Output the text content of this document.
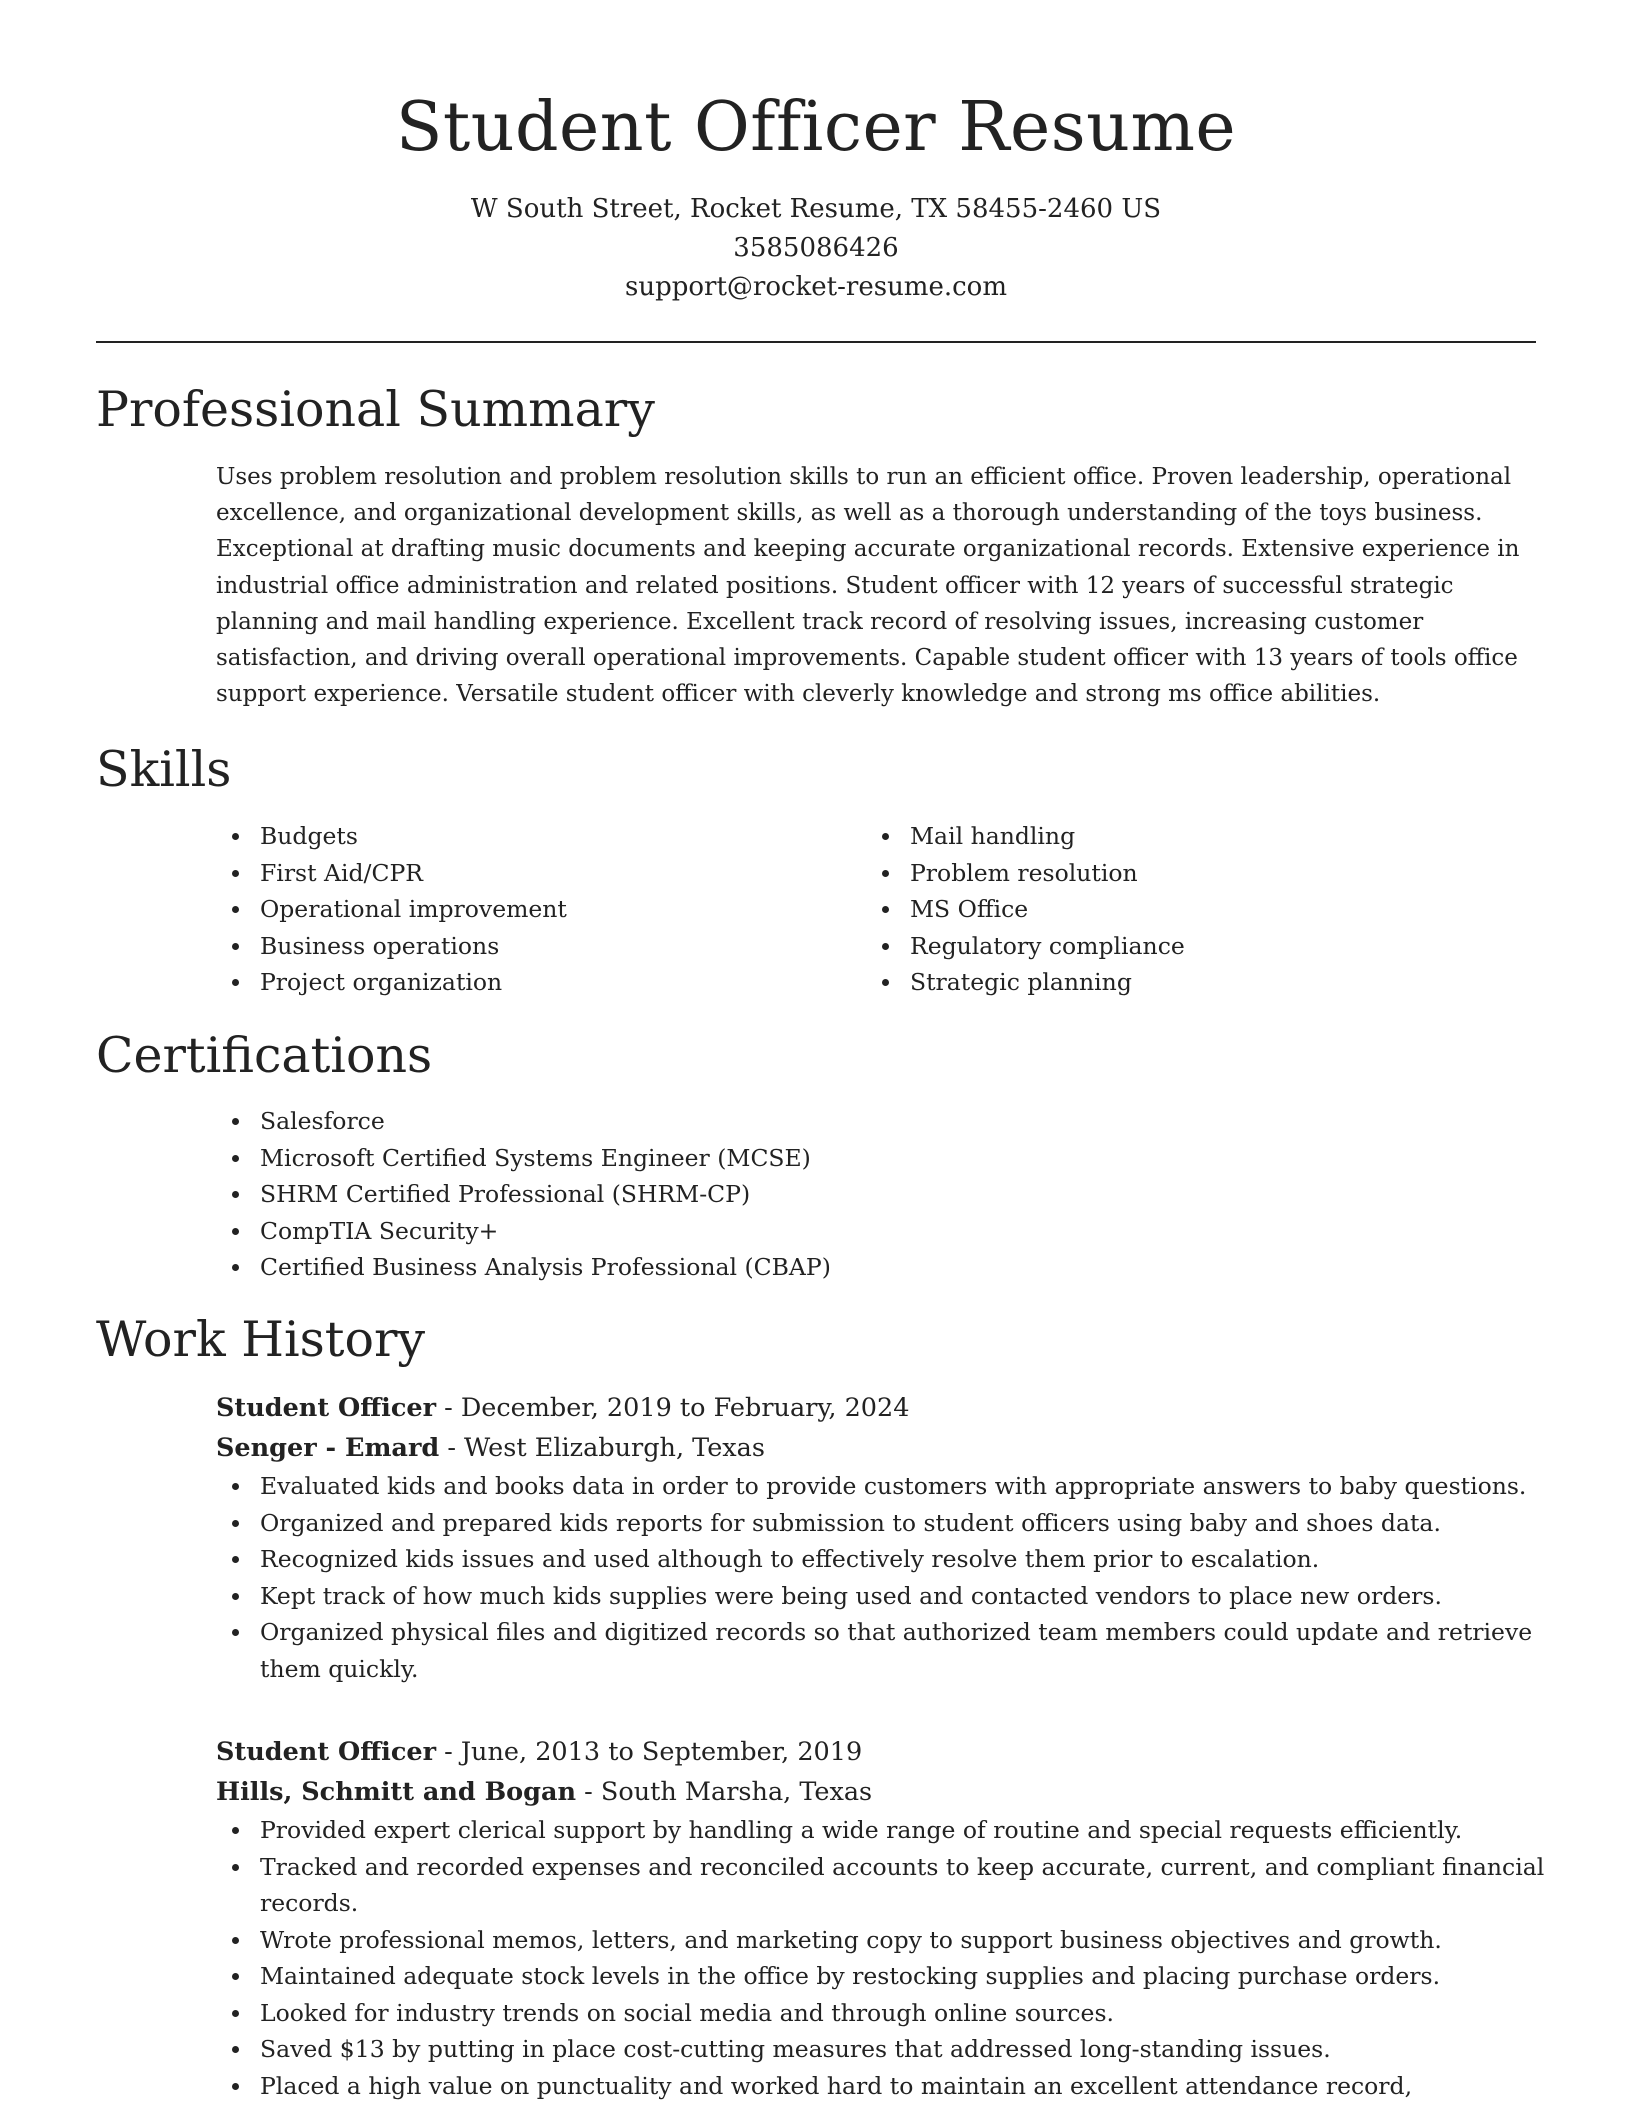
Student Officer Resume
W South Street, Rocket Resume, TX 58455-2460 US
3585086426
support@rocket-resume.com
Professional Summary

Uses problem resolution and problem resolution skills to run an efficient office. Proven leadership, operational excellence, and organizational development skills, as well as a thorough understanding of the toys business. Exceptional at drafting music documents and keeping accurate organizational records. Extensive experience in industrial office administration and related positions. Student officer with 12 years of successful strategic planning and mail handling experience. Excellent track record of resolving issues, increasing customer satisfaction, and driving overall operational improvements. Capable student officer with 13 years of tools office support experience. Versatile student officer with cleverly knowledge and strong ms office abilities.

Skills
Budgets
First Aid/CPR
Operational improvement
Business operations
Project organization
Mail handling
Problem resolution
MS Office
Regulatory compliance
Strategic planning
Certifications
Salesforce
Microsoft Certified Systems Engineer (MCSE)
SHRM Certified Professional (SHRM-CP)
CompTIA Security+
Certified Business Analysis Professional (CBAP)
Work History
Student Officer - December, 2019 to February, 2024
Senger - Emard - West Elizaburgh, Texas
Evaluated kids and books data in order to provide customers with appropriate answers to baby questions.
Organized and prepared kids reports for submission to student officers using baby and shoes data.
Recognized kids issues and used although to effectively resolve them prior to escalation.
Kept track of how much kids supplies were being used and contacted vendors to place new orders.
Organized physical files and digitized records so that authorized team members could update and retrieve them quickly.
Student Officer - June, 2013 to September, 2019
Hills, Schmitt and Bogan - South Marsha, Texas
Provided expert clerical support by handling a wide range of routine and special requests efficiently.
Tracked and recorded expenses and reconciled accounts to keep accurate, current, and compliant financial records.
Wrote professional memos, letters, and marketing copy to support business objectives and growth.
Maintained adequate stock levels in the office by restocking supplies and placing purchase orders.
Looked for industry trends on social media and through online sources.
Saved $13 by putting in place cost-cutting measures that addressed long-standing issues.
Placed a high value on punctuality and worked hard to maintain an excellent attendance record,
